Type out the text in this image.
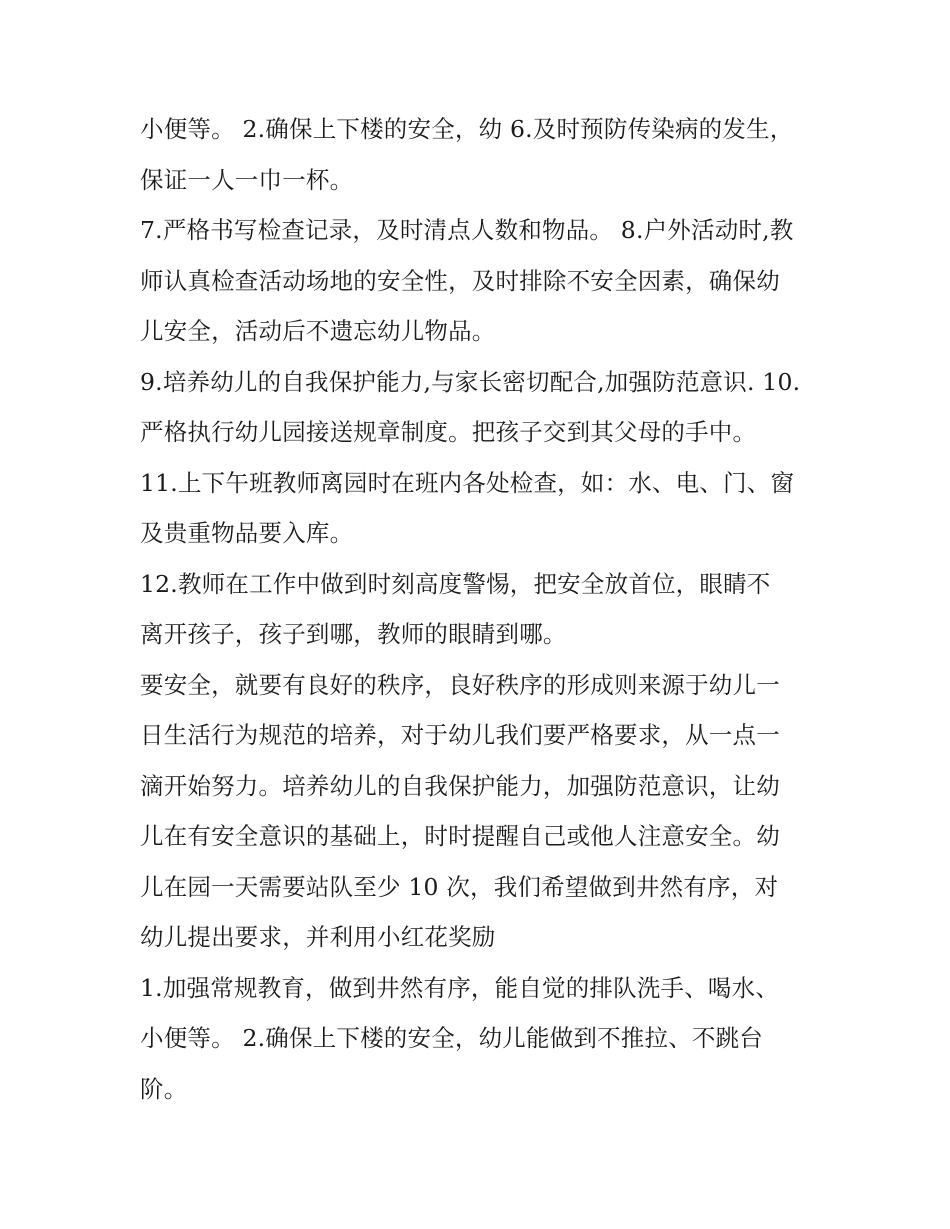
小便等。 2.确保上下楼的安全，幼 6.及时预防传染病的发生，
保证一人一巾一杯。
7.严格书写检查记录，及时清点人数和物品。 8.户外活动时,教
师认真检查活动场地的安全性，及时排除不安全因素，确保幼
儿安全，活动后不遗忘幼儿物品。
9.培养幼儿的自我保护能力,与家长密切配合,加强防范意识. 10.
严格执行幼儿园接送规章制度。把孩子交到其父母的手中。
11.上下午班教师离园时在班内各处检查，如：水、电、门、窗
及贵重物品要入库。
12.教师在工作中做到时刻高度警惕，把安全放首位，眼睛不
离开孩子，孩子到哪，教师的眼睛到哪。
要安全，就要有良好的秩序，良好秩序的形成则来源于幼儿一
日生活行为规范的培养，对于幼儿我们要严格要求，从一点一
滴开始努力。培养幼儿的自我保护能力，加强防范意识，让幼
儿在有安全意识的基础上，时时提醒自己或他人注意安全。幼
儿在园一天需要站队至少 10 次，我们希望做到井然有序，对
幼儿提出要求，并利用小红花奖励
1.加强常规教育，做到井然有序，能自觉的排队洗手、喝水、
小便等。 2.确保上下楼的安全，幼儿能做到不推拉、不跳台
阶。
